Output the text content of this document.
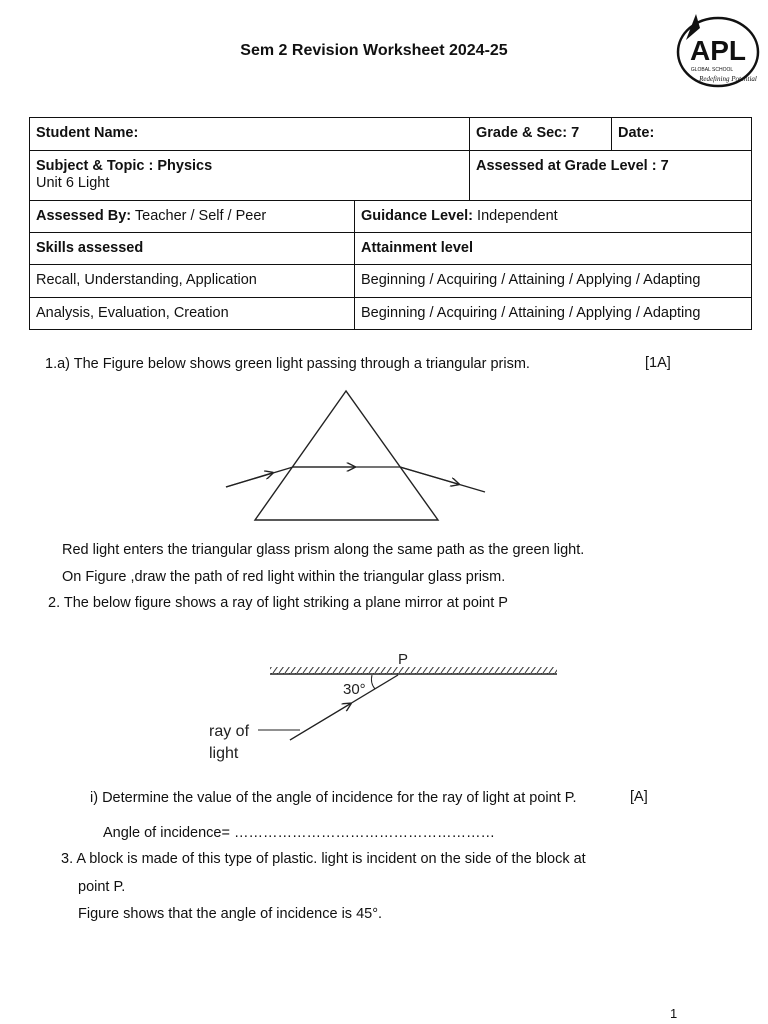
Sem 2 Revision Worksheet 2024-25	APL
GLOBAL SCHOOL
Redefining Potential
Student Name:		Grade & Sec: 7	Date:
Subject & Topic : Physics
Unit 6 Light		Assessed at Grade Level : 7	
Assessed By: Teacher / Self / Peer	Guidance Level: Independent		
Skills assessed	Attainment level		
Recall, Understanding, Application	Beginning / Acquiring / Attaining / Applying / Adapting		
Analysis, Evaluation, Creation	Beginning / Acquiring / Attaining / Applying / Adapting		
1.a) The Figure below shows green light passing through a triangular prism.	[1A]
Red light enters the triangular glass prism along the same path as the green light.
On Figure ,draw the path of red light within the triangular glass prism.
2. The below figure shows a ray of light striking a plane mirror at point P
P
30°
ray of
light
i) Determine the value of the angle of incidence for the ray of light at point P.	[A]
Angle of incidence= ………………………………………………
3. A block is made of this type of plastic. light is incident on the side of the block at
point P.
Figure shows that the angle of incidence is 45°.
1
